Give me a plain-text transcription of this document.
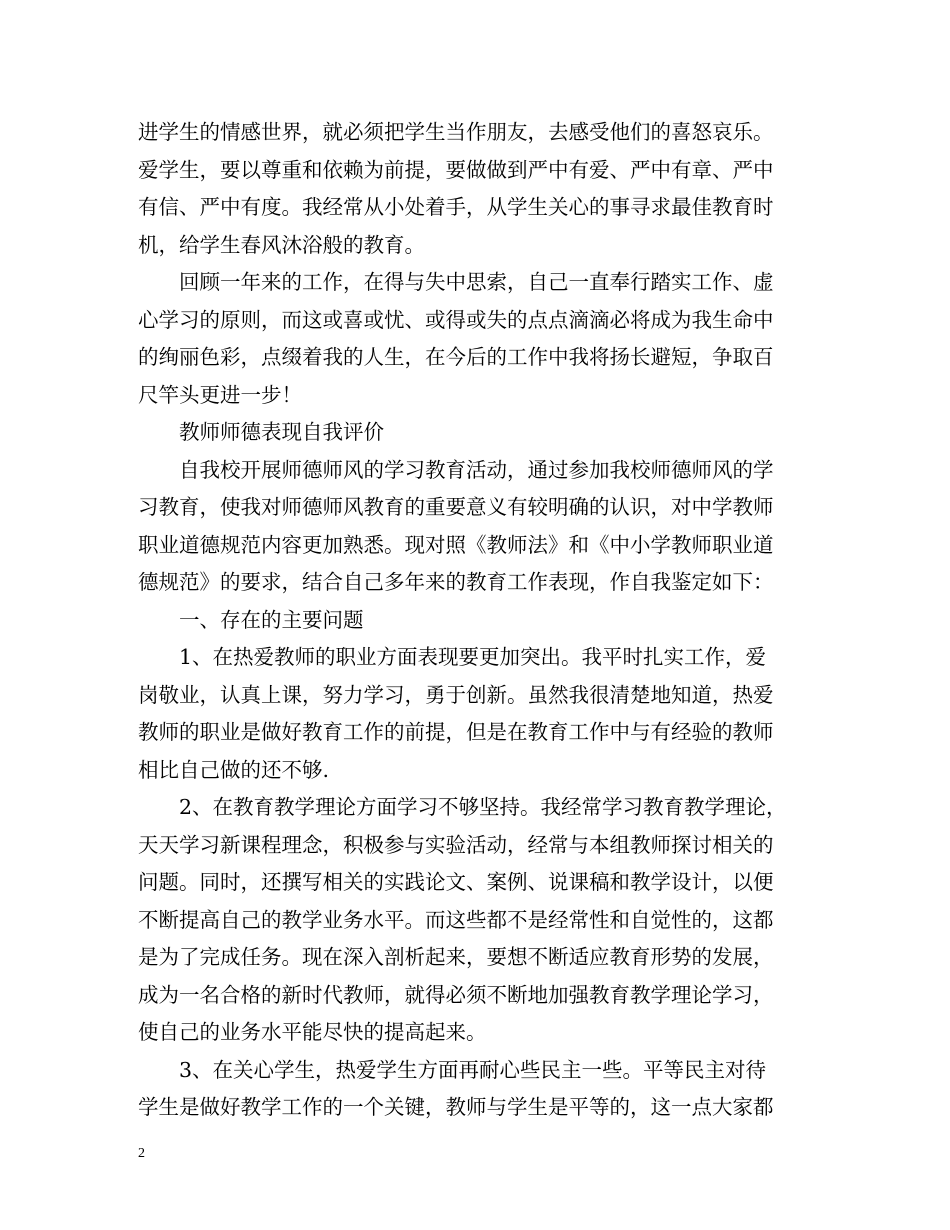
进学生的情感世界，就必须把学生当作朋友，去感受他们的喜怒哀乐。
爱学生，要以尊重和依赖为前提，要做做到严中有爱、严中有章、严中
有信、严中有度。我经常从小处着手，从学生关心的事寻求最佳教育时
机，给学生春风沐浴般的教育。
　　回顾一年来的工作，在得与失中思索，自己一直奉行踏实工作、虚
心学习的原则，而这或喜或忧、或得或失的点点滴滴必将成为我生命中
的绚丽色彩，点缀着我的人生，在今后的工作中我将扬长避短，争取百
尺竿头更进一步！
　　教师师德表现自我评价
　　自我校开展师德师风的学习教育活动，通过参加我校师德师风的学
习教育，使我对师德师风教育的重要意义有较明确的认识，对中学教师
职业道德规范内容更加熟悉。现对照《教师法》和《中小学教师职业道
德规范》的要求，结合自己多年来的教育工作表现，作自我鉴定如下：
　　一、存在的主要问题
　　1、在热爱教师的职业方面表现要更加突出。我平时扎实工作，爱
岗敬业，认真上课，努力学习，勇于创新。虽然我很清楚地知道，热爱
教师的职业是做好教育工作的前提，但是在教育工作中与有经验的教师
相比自己做的还不够.
　　2、在教育教学理论方面学习不够坚持。我经常学习教育教学理论，
天天学习新课程理念，积极参与实验活动，经常与本组教师探讨相关的
问题。同时，还撰写相关的实践论文、案例、说课稿和教学设计，以便
不断提高自己的教学业务水平。而这些都不是经常性和自觉性的，这都
是为了完成任务。现在深入剖析起来，要想不断适应教育形势的发展，
成为一名合格的新时代教师，就得必须不断地加强教育教学理论学习，
使自己的业务水平能尽快的提高起来。
　　3、在关心学生，热爱学生方面再耐心些民主一些。平等民主对待
学生是做好教学工作的一个关键，教师与学生是平等的，这一点大家都
2
